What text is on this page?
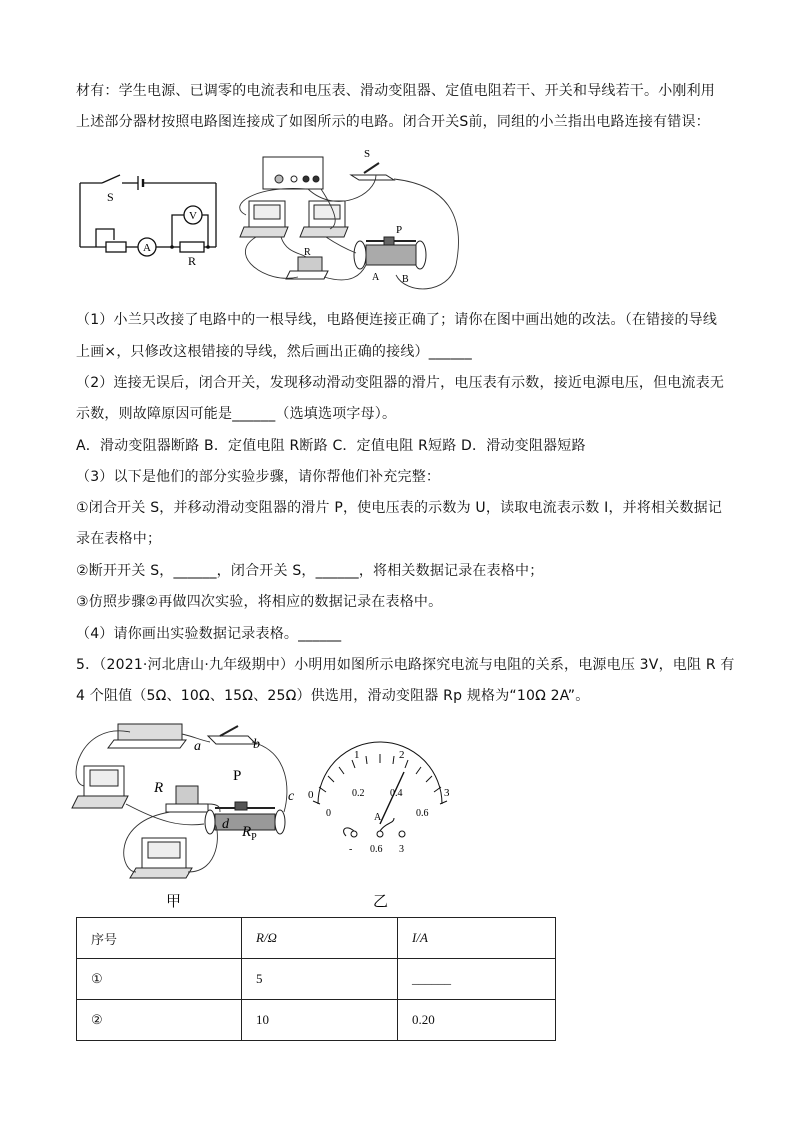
材有：学生电源、已调零的电流表和电压表、滑动变阻器、定值电阻若干、开关和导线若干。小刚利用
上述部分器材按照电路图连接成了如图所示的电路。闭合开关S前，同组的小兰指出电路连接有错误：
S
V
A
R
S
P
R
A B
（1）小兰只改接了电路中的一根导线，电路便连接正确了；请你在图中画出她的改法。（在错接的导线
上画×，只修改这根错接的导线，然后画出正确的接线）______
（2）连接无误后，闭合开关，发现移动滑动变阻器的滑片，电压表有示数，接近电源电压，但电流表无
示数，则故障原因可能是______（选填选项字母）。
A．滑动变阻器断路 B．定值电阻 R断路 C．定值电阻 R短路 D．滑动变阻器短路
（3）以下是他们的部分实验步骤，请你帮他们补充完整：
①闭合开关 S，并移动滑动变阻器的滑片 P，使电压表的示数为 U，读取电流表示数 I，并将相关数据记
录在表格中；
②断开开关 S，______，闭合开关 S，______，将相关数据记录在表格中；
③仿照步骤②再做四次实验，将相应的数据记录在表格中。
（4）请你画出实验数据记录表格。______
5．（2021·河北唐山·九年级期中）小明用如图所示电路探究电流与电阻的关系，电源电压 3V，电阻 R 有
4 个阻值（5Ω、10Ω、15Ω、25Ω）供选用，滑动变阻器 Rp 规格为“10Ω 2A”。
a	b
c
d
R
P
$R_P$
甲
0
1	2
3
0
0.2	0.4
0.6
A
- 0.6 3
乙
序号	R/Ω	I/A
①	5	______
②	10	0.20
